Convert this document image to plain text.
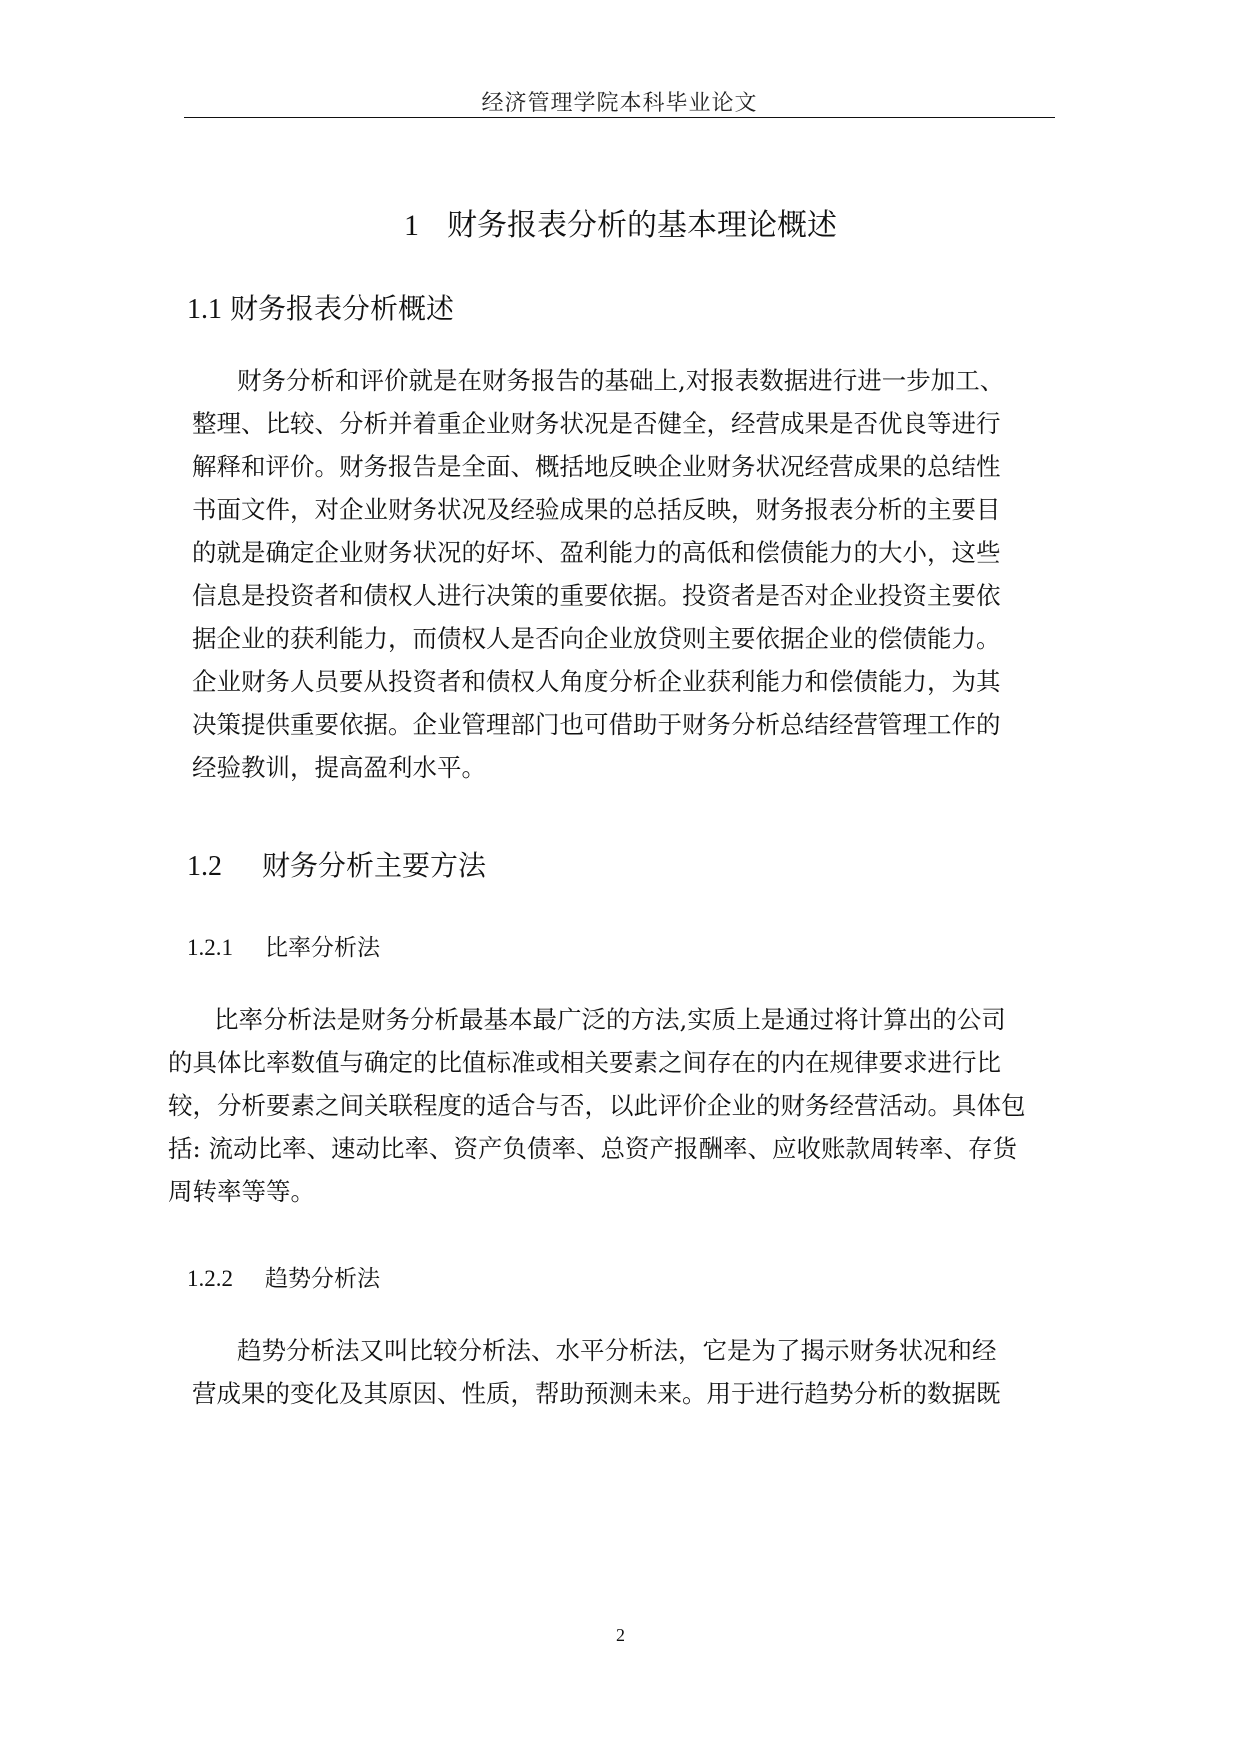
经济管理学院本科毕业论文
1 财务报表分析的基本理论概述
1.1 财务报表分析概述
财务分析和评价就是在财务报告的基础上,对报表数据进行进一步加工、
整理、比较、分析并着重企业财务状况是否健全，经营成果是否优良等进行
解释和评价。财务报告是全面、概括地反映企业财务状况经营成果的总结性
书面文件，对企业财务状况及经验成果的总括反映，财务报表分析的主要目
的就是确定企业财务状况的好坏、盈利能力的高低和偿债能力的大小，这些
信息是投资者和债权人进行决策的重要依据。投资者是否对企业投资主要依
据企业的获利能力，而债权人是否向企业放贷则主要依据企业的偿债能力。
企业财务人员要从投资者和债权人角度分析企业获利能力和偿债能力，为其
决策提供重要依据。企业管理部门也可借助于财务分析总结经营管理工作的
经验教训，提高盈利水平。
1.2 财务分析主要方法
1.2.1 比率分析法
比率分析法是财务分析最基本最广泛的方法,实质上是通过将计算出的公司
的具体比率数值与确定的比值标准或相关要素之间存在的内在规律要求进行比
较，分析要素之间关联程度的适合与否，以此评价企业的财务经营活动。具体包
括: 流动比率、速动比率、资产负债率、总资产报酬率、应收账款周转率、存货
周转率等等。
1.2.2 趋势分析法
趋势分析法又叫比较分析法、水平分析法，它是为了揭示财务状况和经
营成果的变化及其原因、性质，帮助预测未来。用于进行趋势分析的数据既
2
